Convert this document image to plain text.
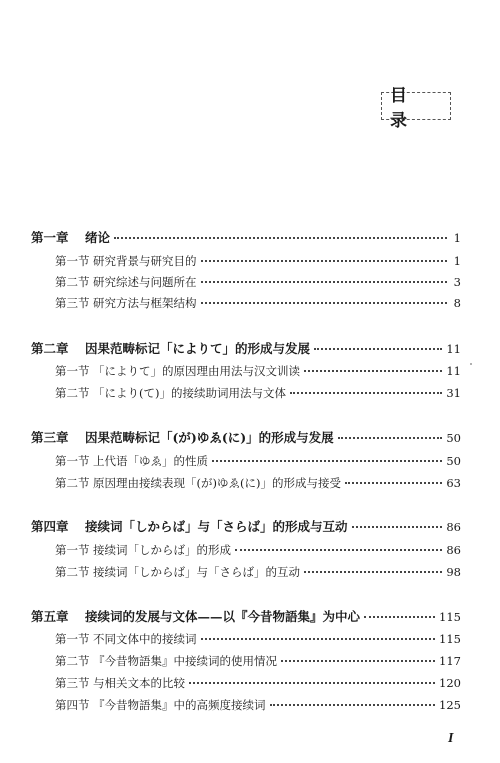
目 录
第一章	绪论	1
第一节 研究背景与研究目的	1
第二节 研究综述与问题所在	3
第三节 研究方法与框架结构	8
第二章	因果范畴标记「によりて」的形成与发展	11
第一节 「によりて」的原因理由用法与汉文训读	11
第二节 「により(て)」的接续助词用法与文体	31
第三章	因果范畴标记「(が)ゆゑ(に)」的形成与发展	50
第一节 上代语「ゆゑ」的性质	50
第二节 原因理由接续表现「(が)ゆゑ(に)」的形成与接受	63
第四章	接续词「しからば」与「さらば」的形成与互动	86
第一节 接续词「しからば」的形成	86
第二节 接续词「しからば」与「さらば」的互动	98
第五章	接续词的发展与文体——以『今昔物語集』为中心	115
第一节 不同文体中的接续词	115
第二节 『今昔物語集』中接续词的使用情况	117
第三节 与相关文本的比较	120
第四节 『今昔物語集』中的高频度接续词	125
I
